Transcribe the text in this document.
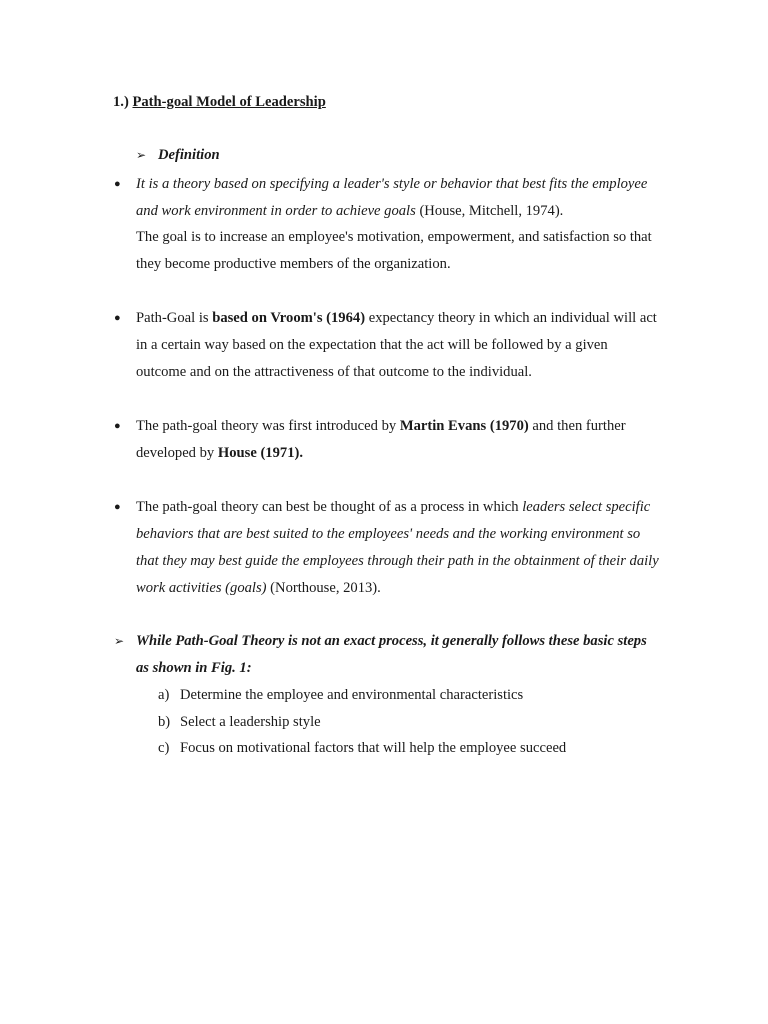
1.) Path-goal Model of Leadership
➢ Definition
● It is a theory based on specifying a leader's style or behavior that best fits the employee
and work environment in order to achieve goals (House, Mitchell, 1974).
The goal is to increase an employee's motivation, empowerment, and satisfaction so that
they become productive members of the organization.
● Path-Goal is based on Vroom's (1964) expectancy theory in which an individual will act
in a certain way based on the expectation that the act will be followed by a given
outcome and on the attractiveness of that outcome to the individual.
● The path-goal theory was first introduced by Martin Evans (1970) and then further
developed by House (1971).
● The path-goal theory can best be thought of as a process in which leaders select specific
behaviors that are best suited to the employees' needs and the working environment so
that they may best guide the employees through their path in the obtainment of their daily
work activities (goals) (Northouse, 2013).
➢ While Path-Goal Theory is not an exact process, it generally follows these basic steps
as shown in Fig. 1:
a) Determine the employee and environmental characteristics
b) Select a leadership style
c) Focus on motivational factors that will help the employee succeed
